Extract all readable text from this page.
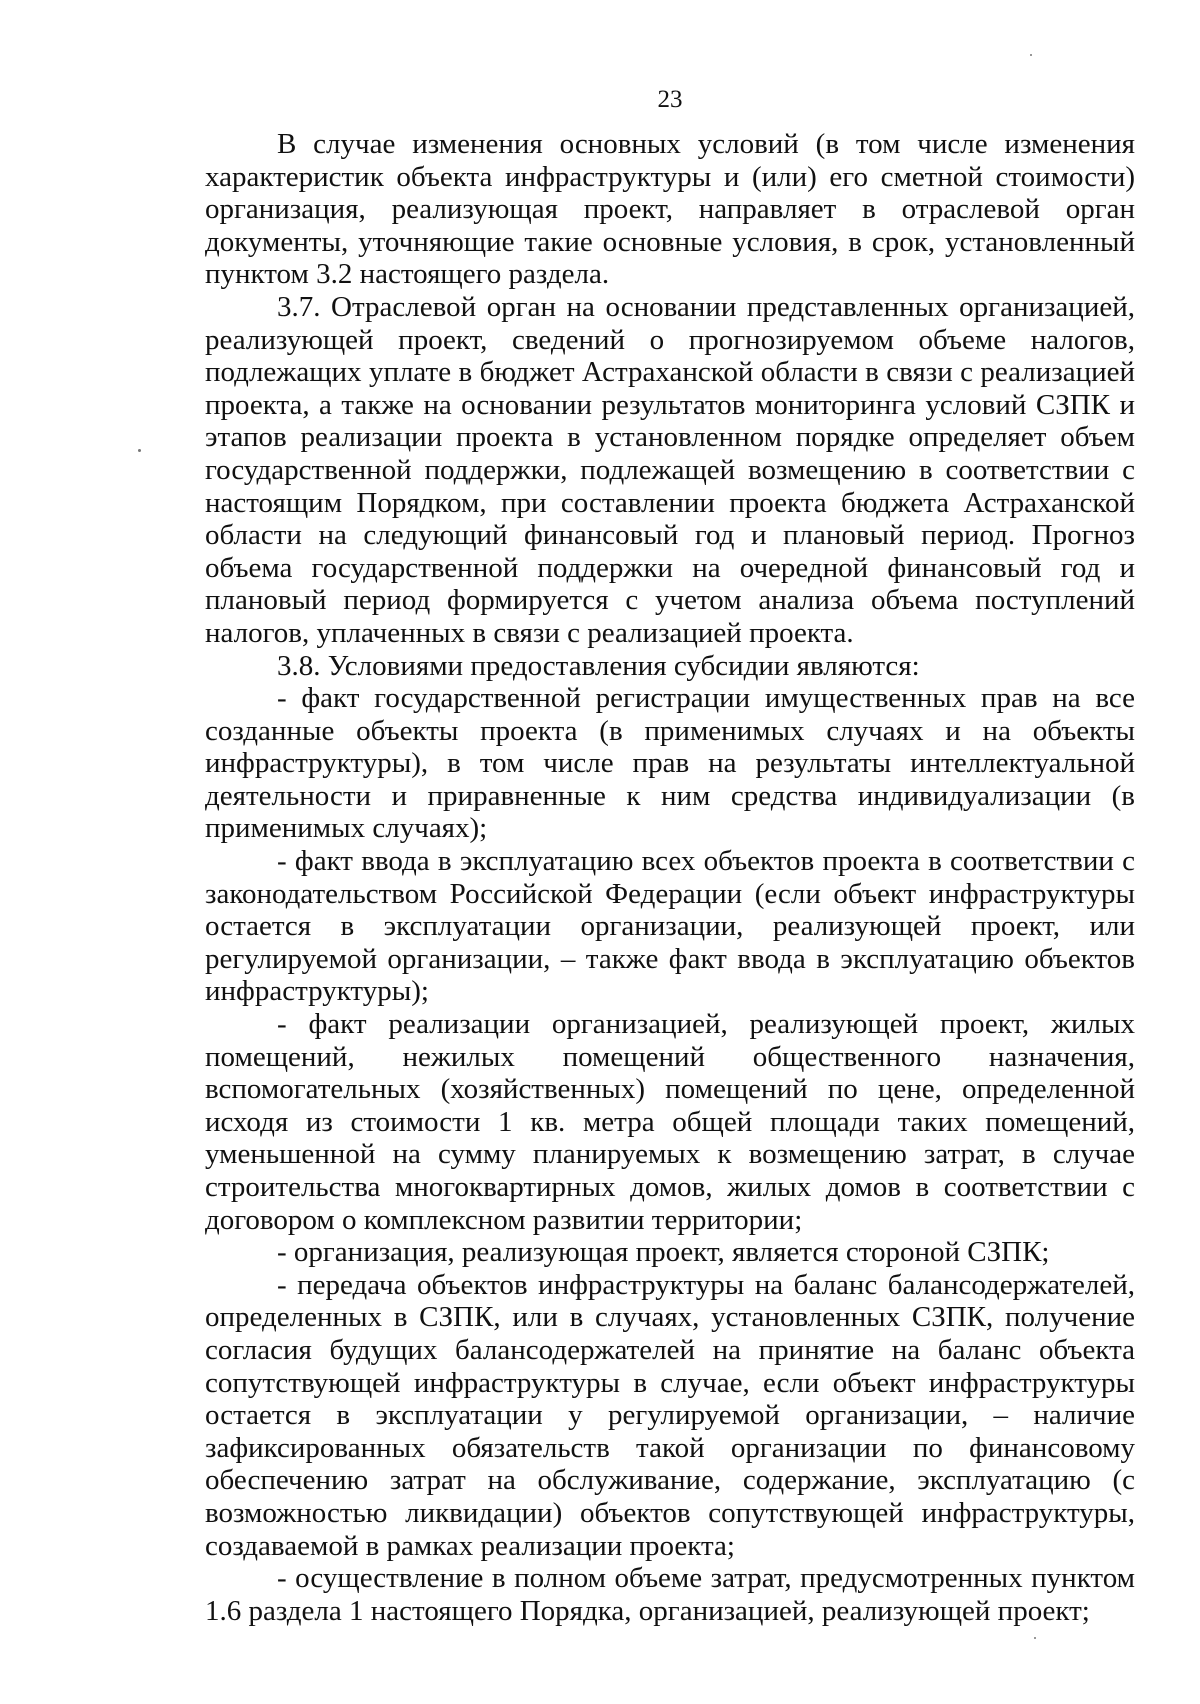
23

В случае изменения основных условий (в том числе изменения характеристик объекта инфраструктуры и (или) его сметной стоимости) организация, реализующая проект, направляет в отраслевой орган документы, уточняющие такие основные условия, в срок, установленный пунктом 3.2 настоящего раздела.

3.7. Отраслевой орган на основании представленных организацией, реализующей проект, сведений о прогнозируемом объеме налогов, подлежащих уплате в бюджет Астраханской области в связи с реализацией проекта, а также на основании результатов мониторинга условий СЗПК и этапов реализации проекта в установленном порядке определяет объем государственной поддержки, подлежащей возмещению в соответствии с настоящим Порядком, при составлении проекта бюджета Астраханской области на следующий финансовый год и плановый период. Прогноз объема государственной поддержки на очередной финансовый год и плановый период формируется с учетом анализа объема поступлений налогов, уплаченных в связи с реализацией проекта.

3.8. Условиями предоставления субсидии являются:

- факт государственной регистрации имущественных прав на все созданные объекты проекта (в применимых случаях и на объекты инфраструктуры), в том числе прав на результаты интеллектуальной деятельности и приравненные к ним средства индивидуализации (в применимых случаях);

- факт ввода в эксплуатацию всех объектов проекта в соответствии с законодательством Российской Федерации (если объект инфраструктуры остается в эксплуатации организации, реализующей проект, или регулируемой организации, – также факт ввода в эксплуатацию объектов инфраструктуры);

- факт реализации организацией, реализующей проект, жилых помещений, нежилых помещений общественного назначения, вспомогательных (хозяйственных) помещений по цене, определенной исходя из стоимости 1 кв. метра общей площади таких помещений, уменьшенной на сумму планируемых к возмещению затрат, в случае строительства многоквартирных домов, жилых домов в соответствии с договором о комплексном развитии территории;

- организация, реализующая проект, является стороной СЗПК;

- передача объектов инфраструктуры на баланс балансодержателей, определенных в СЗПК, или в случаях, установленных СЗПК, получение согласия будущих балансодержателей на принятие на баланс объекта сопутствующей инфраструктуры в случае, если объект инфраструктуры остается в эксплуатации у регулируемой организации, – наличие зафиксированных обязательств такой организации по финансовому обеспечению затрат на обслуживание, содержание, эксплуатацию (с возможностью ликвидации) объектов сопутствующей инфраструктуры, создаваемой в рамках реализации проекта;

- осуществление в полном объеме затрат, предусмотренных пунктом 1.6 раздела 1 настоящего Порядка, организацией, реализующей проект;
